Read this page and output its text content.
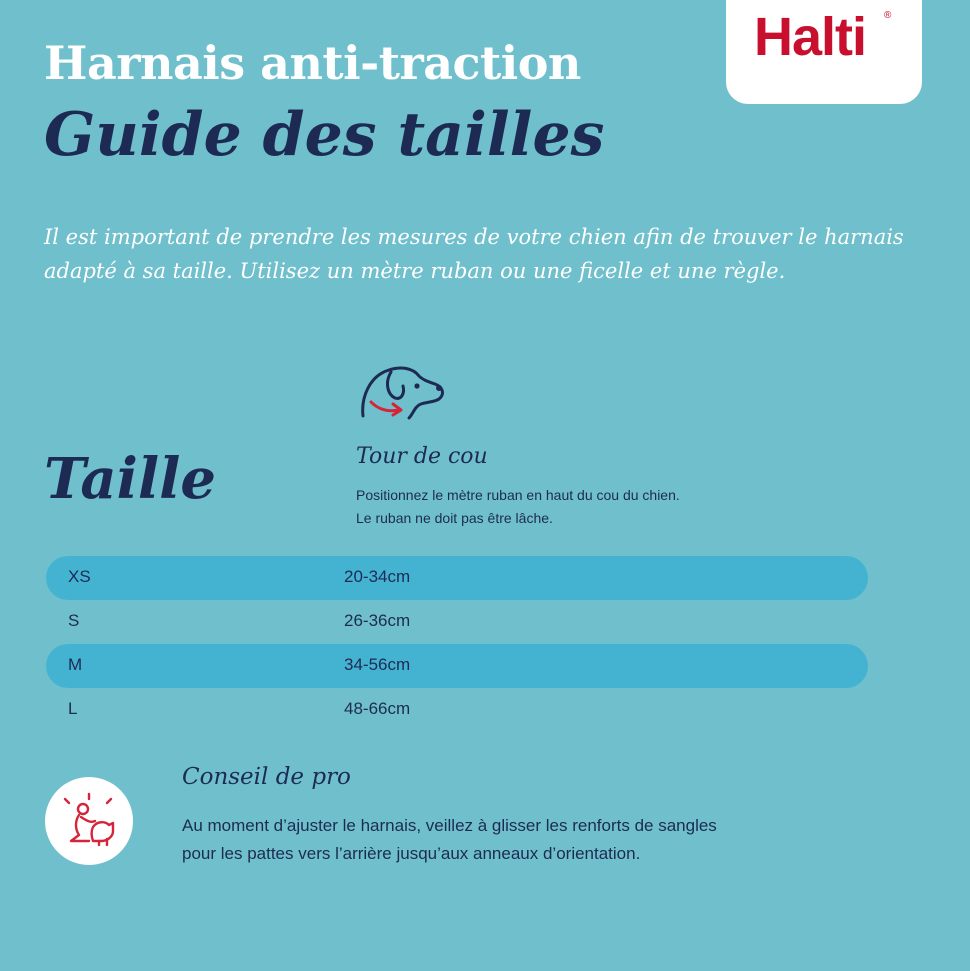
Halti ®
Harnais anti-traction
Guide des tailles

Il est important de prendre les mesures de votre chien afin de trouver le harnais
adapté à sa taille. Utilisez un mètre ruban ou une ficelle et une règle.

Tour de cou

Positionnez le mètre ruban en haut du cou du chien.
Le ruban ne doit pas être lâche.

Taille
XS	20-34cm
S	26-36cm
M	34-56cm
L	48-66cm
Conseil de pro

Au moment d’ajuster le harnais, veillez à glisser les renforts de sangles
pour les pattes vers l’arrière jusqu’aux anneaux d’orientation.
